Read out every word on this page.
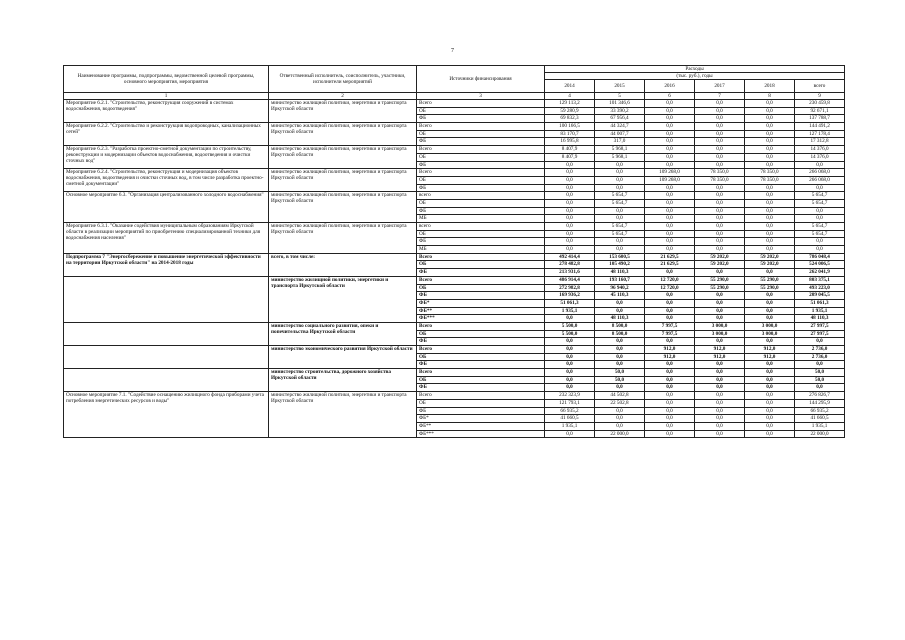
7
Наименование программы, подпрограммы, ведомственной целевой программы, основного мероприятия, мероприятия	Ответственный исполнитель, соисполнитель, участники, исполнители мероприятий	Источники финансирования	Расходы					
			(тыс. руб.), годы					
			2014	2015	2016	2017	2018	всего
1	2	3	4	5	6	7	8	9
Мероприятие 6.2.1. "Строительство, реконструкция сооружений в системах водоснабжения, водоотведения"	министерство жилищной политики, энергетики и транспорта Иркутской области	Всего	129 113,2	101 346,6	0,0	0,0	0,0	230 459,8
		ОБ	59 280,9	33 390,2	0,0	0,0	0,0	92 671,1
		ФБ	69 832,3	67 956,4	0,0	0,0	0,0	137 788,7
Мероприятие 6.2.2. "Строительство и реконструкция водопроводных, канализационных сетей"	министерство жилищной политики, энергетики и транспорта Иркутской области	Всего	100 166,5	44 324,7	0,0	0,0	0,0	144 491,2
		ОБ	83 170,7	44 007,7	0,0	0,0	0,0	127 178,4
		ФБ	16 995,8	317,0	0,0	0,0	0,0	17 312,8
Мероприятие 6.2.3. "Разработка проектно-сметной документации по строительству, реконструкции и модернизации объектов водоснабжения, водоотведения и очистки сточных вод"	министерство жилищной политики, энергетики и транспорта Иркутской области	Всего	8 407,9	5 968,1	0,0	0,0	0,0	14 376,0
		ОБ	8 407,9	5 968,1	0,0	0,0	0,0	14 376,0
		ФБ	0,0	0,0	0,0	0,0	0,0	0,0
Мероприятие 6.2.4. "Строительство, реконструкция и модернизация объектов водоснабжения, водоотведения и очистки сточных вод, в том числе разработка проектно-сметной документации"	министерство жилищной политики, энергетики и транспорта Иркутской области	Всего	0,0	0,0	109 268,0	78 350,0	78 350,0	266 068,0
		ОБ	0,0	0,0	109 268,0	78 350,0	78 350,0	266 068,0
		ФБ	0,0	0,0	0,0	0,0	0,0	0,0
Основное мероприятие 6.3. "Организация централизованного холодного водоснабжения"	министерство жилищной политики, энергетики и транспорта Иркутской области	всего	0,0	5 654,7	0,0	0,0	0,0	5 654,7
		ОБ	0,0	5 654,7	0,0	0,0	0,0	5 654,7
		ФБ	0,0	0,0	0,0	0,0	0,0	0,0
		МБ	0,0	0,0	0,0	0,0	0,0	0,0
Мероприятие 6.3.1. "Оказание содействия муниципальным образованиям Иркутской области в реализации мероприятий по приобретению специализированной техники для водоснабжения населения"	министерство жилищной политики, энергетики и транспорта Иркутской области	всего	0,0	5 654,7	0,0	0,0	0,0	5 654,7
		ОБ	0,0	5 654,7	0,0	0,0	0,0	5 654,7
		ФБ	0,0	0,0	0,0	0,0	0,0	0,0
		МБ	0,0	0,0	0,0	0,0	0,0	0,0
Подпрограмма 7 "Энергосбережение и повышение энергетической эффективности на территории Иркутской области" на 2014-2018 годы	всего, в том числе:	Всего	492 414,4	153 600,5	21 629,5	59 202,0	59 202,0	786 048,4
		ОБ	278 482,8	105 490,2	21 629,5	59 202,0	59 202,0	524 006,5
		ФБ	213 931,6	48 110,3	0,0	0,0	0,0	262 041,9
	министерство жилищной политики, энергетики и транспорта Иркутской области	Всего	486 914,4	193 160,7	12 720,0	55 290,0	55 290,0	803 375,1
		ОБ	272 982,8	96 940,2	12 720,0	55 290,0	55 290,0	493 223,0
		ФБ	169 936,2	45 110,3	0,0	0,0	0,0	209 045,5
		ФБ*	51 061,3	0,0	0,0	0,0	0,0	51 061,3
		ФБ**	1 935,1	0,0	0,0	0,0	0,0	1 935,1
		ФБ***	0,0	48 110,3	0,0	0,0	0,0	48 110,3
	министерство социального развития, опеки и попечительства Иркутской области	Всего	5 500,0	8 500,0	7 997,5	3 000,0	3 000,0	27 997,5
		ОБ	5 500,0	8 500,0	7 997,5	3 000,0	3 000,0	27 997,5
		ФБ	0,0	0,0	0,0	0,0	0,0	0,0
	министерство экономического развития Иркутской области	Всего	0,0	0,0	912,0	912,0	912,0	2 736,0
		ОБ	0,0	0,0	912,0	912,0	912,0	2 736,0
		ФБ	0,0	0,0	0,0	0,0	0,0	0,0
	министерство строительства, дорожного хозяйства Иркутской области	Всего	0,0	50,0	0,0	0,0	0,0	50,0
		ОБ	0,0	50,0	0,0	0,0	0,0	50,0
		ФБ	0,0	0,0	0,0	0,0	0,0	0,0
Основное мероприятие 7.1. "Содействие оснащению жилищного фонда приборами учета потребления энергетических ресурсов и воды"	министерство жилищной политики, энергетики и транспорта Иркутской области	Всего	232 323,9	44 502,8	0,0	0,0	0,0	276 826,7
		ОБ	121 793,1	22 502,8	0,0	0,0	0,0	144 295,9
		ФБ	66 935,2	0,0	0,0	0,0	0,0	66 935,2
		ФБ*	41 660,5	0,0	0,0	0,0	0,0	41 660,5
		ФБ**	1 935,1	0,0	0,0	0,0	0,0	1 935,1
		ФБ***	0,0	22 000,0	0,0	0,0	0,0	22 000,0
